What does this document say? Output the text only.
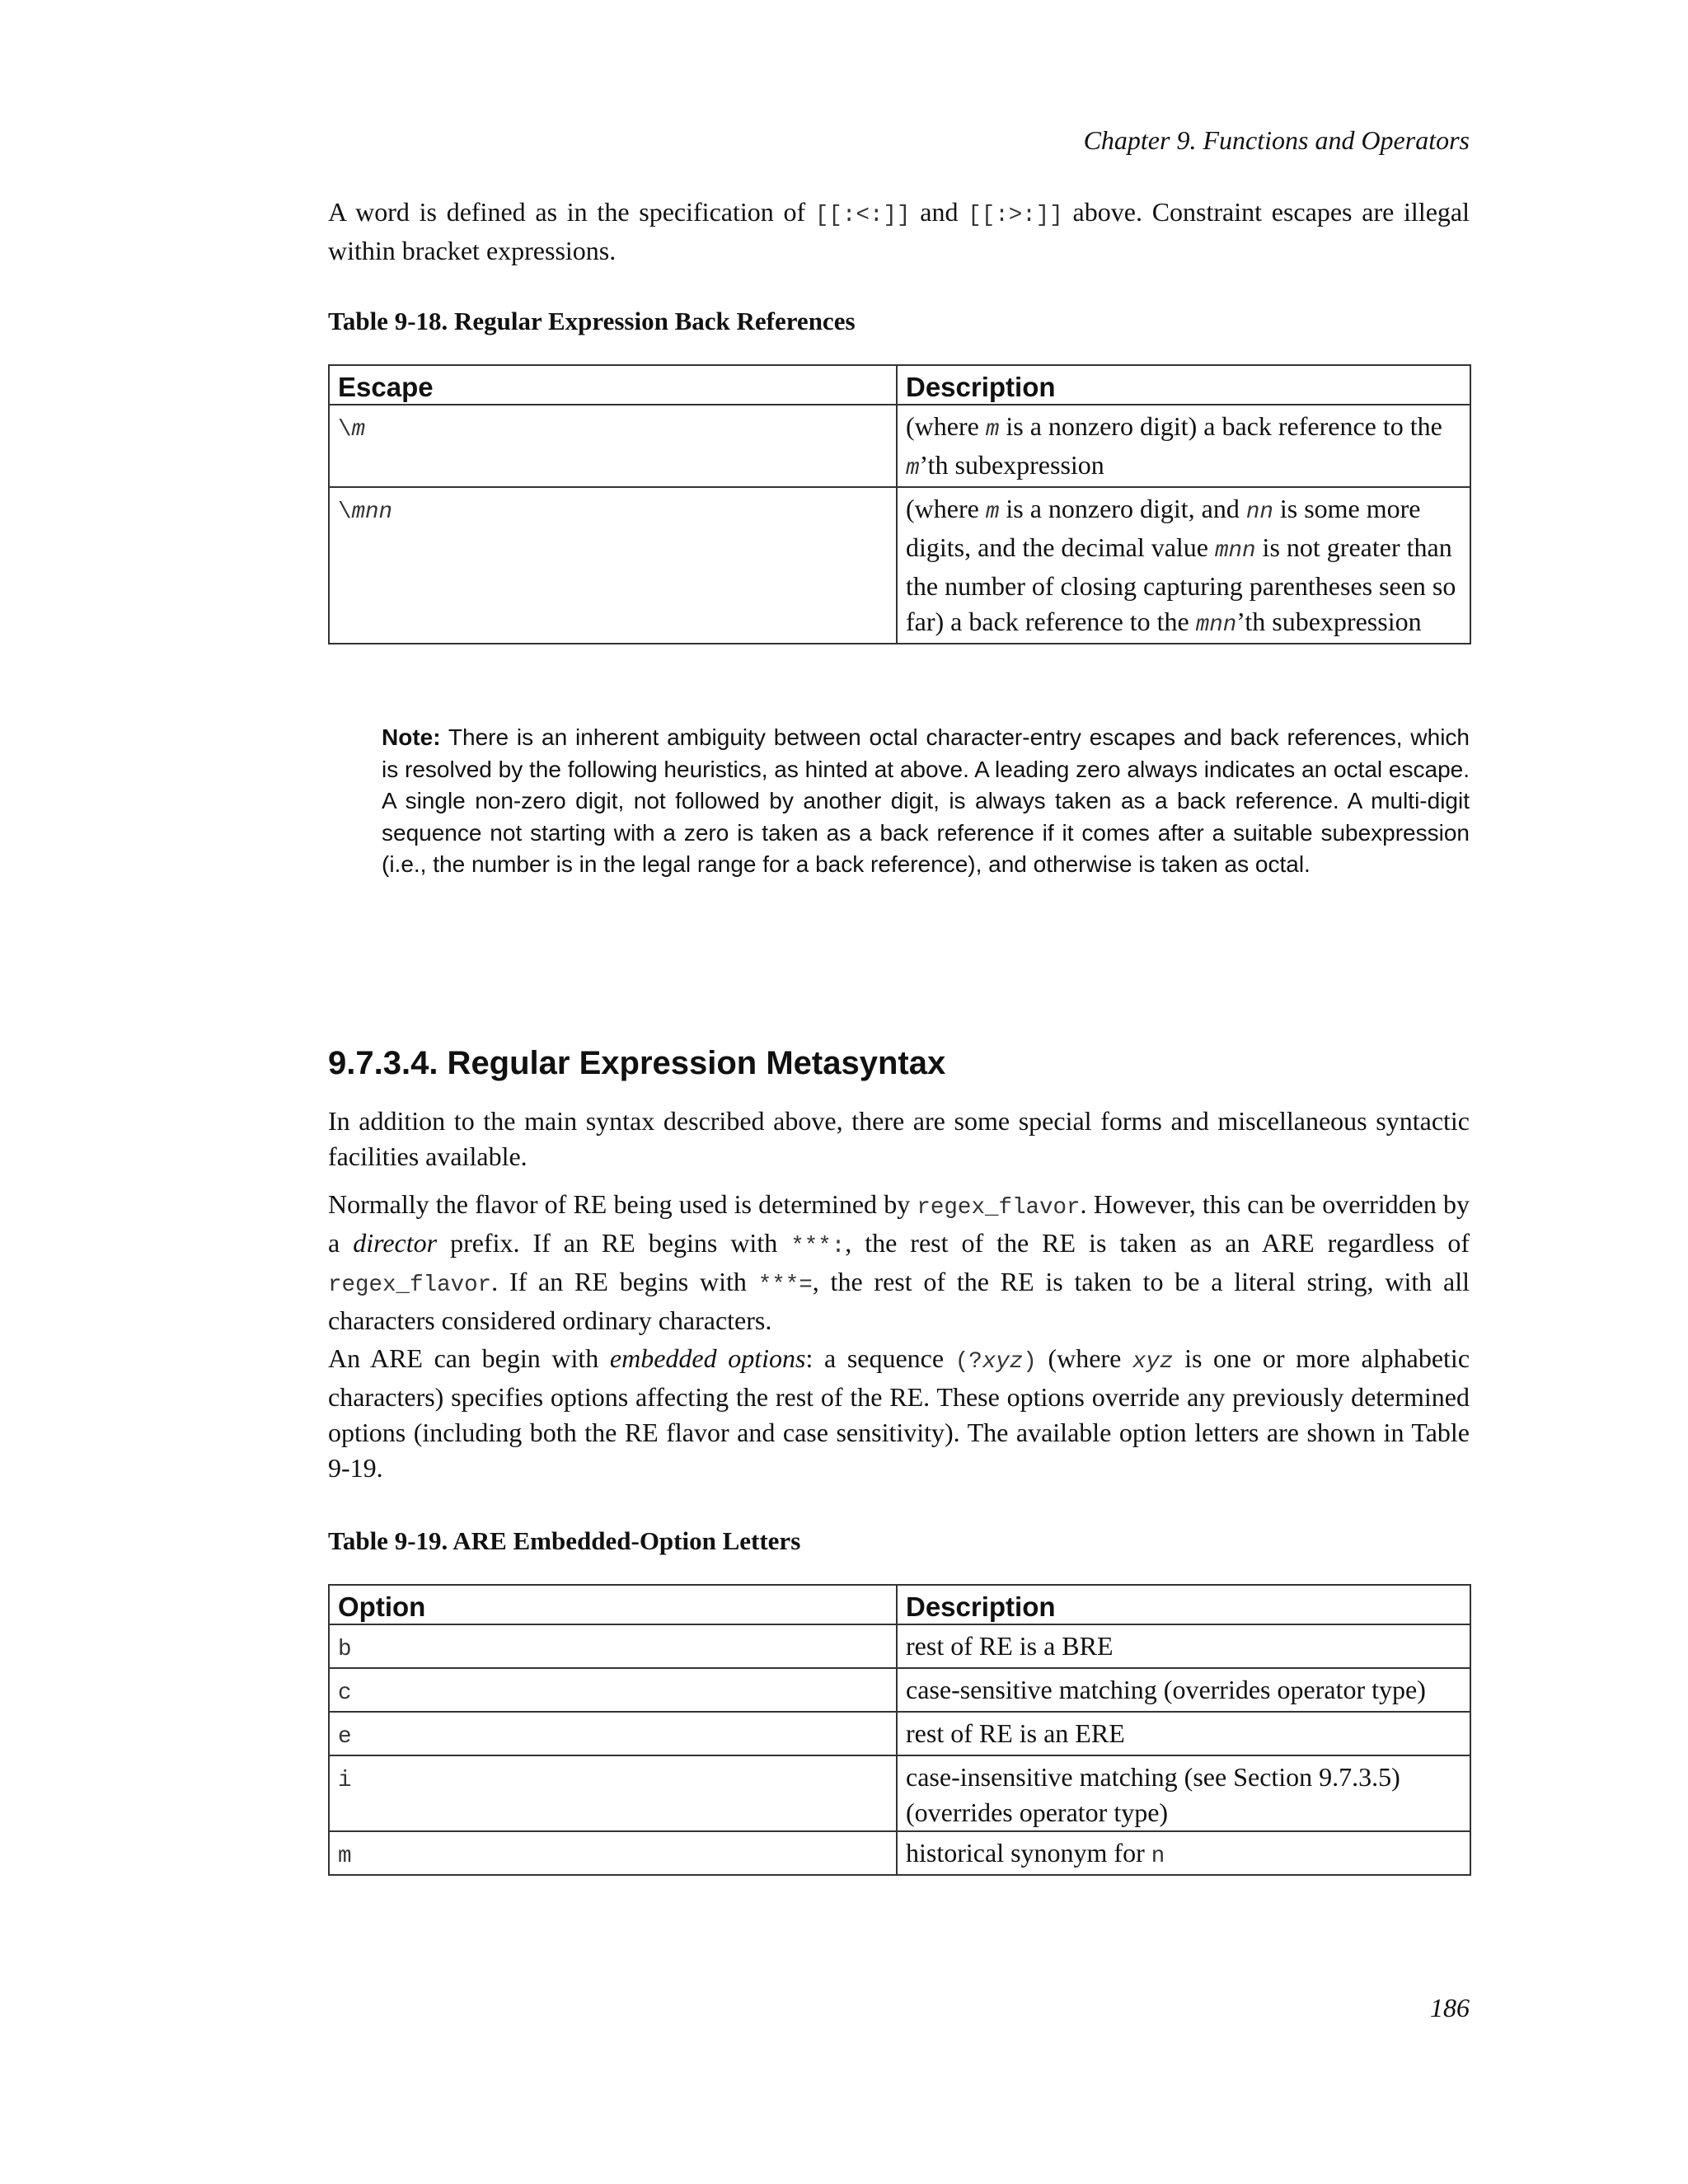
Chapter 9. Functions and Operators
A word is defined as in the specification of [[:<:]] and [[:>:]] above. Constraint escapes are illegal within bracket expressions.
Table 9-18. Regular Expression Back References
Escape	Description
\m	(where m is a nonzero digit) a back reference to the m’th subexpression
\mnn	(where m is a nonzero digit, and nn is some more digits, and the decimal value mnn is not greater than the number of closing capturing parentheses seen so far) a back reference to the mnn’th subexpression
Note: There is an inherent ambiguity between octal character-entry escapes and back references, which is resolved by the following heuristics, as hinted at above. A leading zero always indicates an octal escape. A single non-zero digit, not followed by another digit, is always taken as a back reference. A multi-digit sequence not starting with a zero is taken as a back reference if it comes after a suitable subexpression (i.e., the number is in the legal range for a back reference), and otherwise is taken as octal.
9.7.3.4. Regular Expression Metasyntax
In addition to the main syntax described above, there are some special forms and miscellaneous syntactic facilities available.
Normally the flavor of RE being used is determined by regex_flavor. However, this can be overridden by a director prefix. If an RE begins with ***:, the rest of the RE is taken as an ARE regardless of regex_flavor. If an RE begins with ***=, the rest of the RE is taken to be a literal string, with all characters considered ordinary characters.
An ARE can begin with embedded options: a sequence (?xyz) (where xyz is one or more alphabetic characters) specifies options affecting the rest of the RE. These options override any previously determined options (including both the RE flavor and case sensitivity). The available option letters are shown in Table 9-19.
Table 9-19. ARE Embedded-Option Letters
Option	Description
b	rest of RE is a BRE
c	case-sensitive matching (overrides operator type)
e	rest of RE is an ERE
i	case-insensitive matching (see Section 9.7.3.5) (overrides operator type)
m	historical synonym for n
186
